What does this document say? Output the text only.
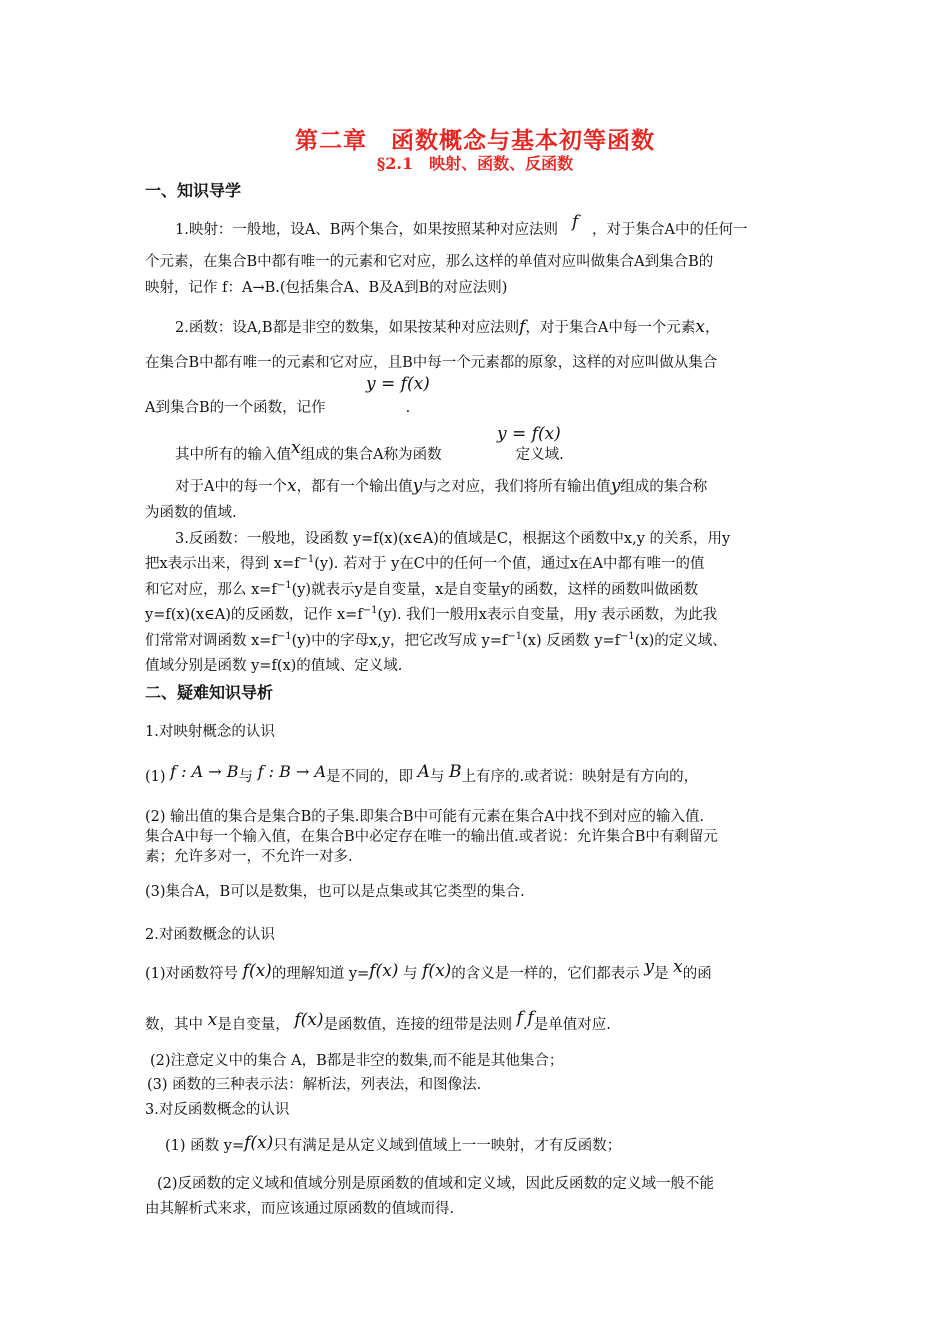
第二章　函数概念与基本初等函数
§2.1　映射、函数、反函数
一、知识导学
1.映射：一般地，设A、B两个集合，如果按照某种对应法则 f ，对于集合A中的任何一
个元素，在集合B中都有唯一的元素和它对应，那么这样的单值对应叫做集合A到集合B的
映射，记作 f：A→B.(包括集合A、B及A到B的对应法则)
2.函数：设A,B都是非空的数集，如果按某种对应法则f，对于集合A中每一个元素x，
在集合B中都有唯一的元素和它对应，且B中每一个元素都的原象，这样的对应叫做从集合
y = f(x)
A到集合B的一个函数，记作	.
y = f(x)
其中所有的输入值x组成的集合A称为函数	定义域.
对于A中的每一个x，都有一个输出值y与之对应，我们将所有输出值y组成的集合称
为函数的值域.
3.反函数：一般地，设函数 y=f(x)(x∈A)的值域是C，根据这个函数中x,y 的关系，用y
把x表示出来，得到 $x=f^{-1}(y)$. 若对于 y在C中的任何一个值，通过x在A中都有唯一的值
和它对应，那么 $x=f^{-1}(y)$就表示y是自变量，x是自变量y的函数，这样的函数叫做函数
y=f(x)(x∈A)的反函数，记作 $x=f^{-1}(y)$. 我们一般用x表示自变量，用y 表示函数，为此我
们常常对调函数 $x=f^{-1}(y)$中的字母x,y，把它改写成 $y=f^{-1}(x)$ 反函数 $y=f^{-1}(x)$的定义域、
值域分别是函数 y=f(x)的值域、定义域.
二、疑难知识导析
1.对映射概念的认识
(1) f : A → B与 f : B → A是不同的，即 A与 B上有序的.或者说：映射是有方向的，
(2) 输出值的集合是集合B的子集.即集合B中可能有元素在集合A中找不到对应的输入值.
集合A中每一个输入值，在集合B中必定存在唯一的输出值.或者说：允许集合B中有剩留元
素；允许多对一，不允许一对多.
(3)集合A，B可以是数集，也可以是点集或其它类型的集合.
2.对函数概念的认识
(1)对函数符号 f(x)的理解知道 y=f(x) 与 f(x)的含义是一样的，它们都表示 y是 x的函
数，其中 x是自变量， f(x)是函数值，连接的纽带是法则 f.f是单值对应.
(2)注意定义中的集合 A，B都是非空的数集,而不能是其他集合；
(3) 函数的三种表示法：解析法，列表法，和图像法.
3.对反函数概念的认识
(1) 函数 y=f(x)只有满足是从定义域到值域上一一映射，才有反函数；
(2)反函数的定义域和值域分别是原函数的值域和定义域，因此反函数的定义域一般不能
由其解析式来求，而应该通过原函数的值域而得.
